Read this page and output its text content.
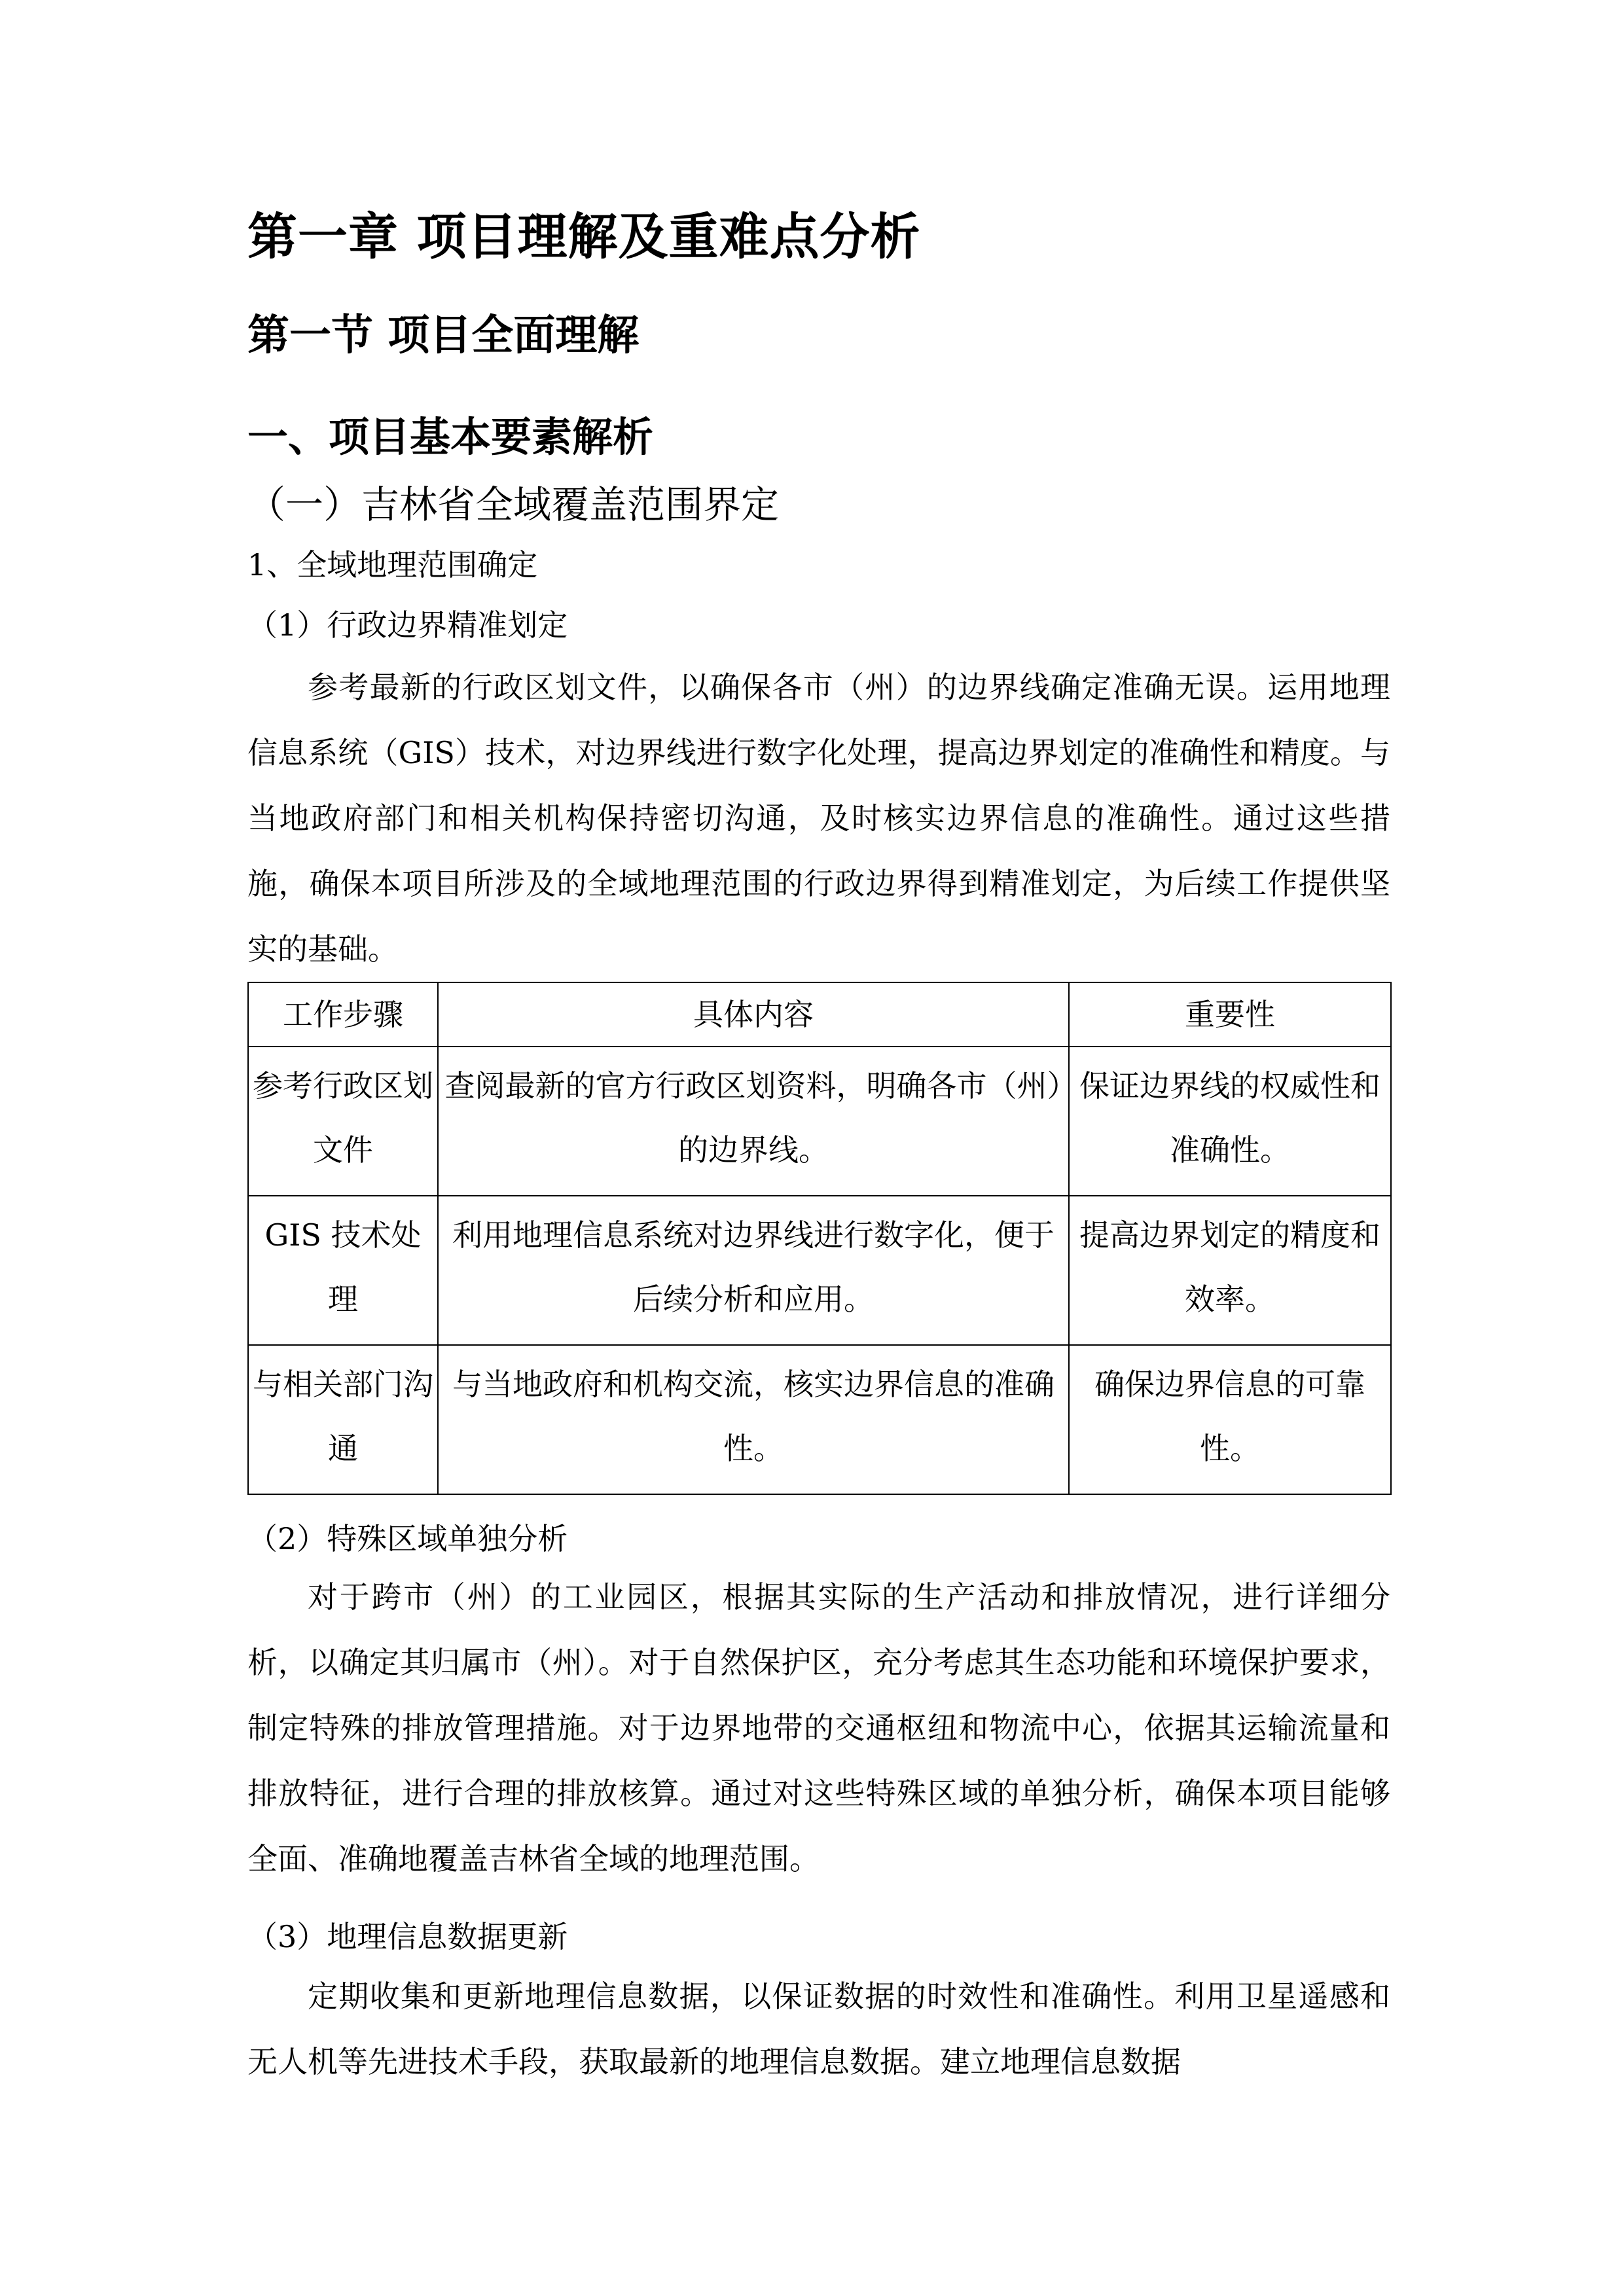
第一章 项目理解及重难点分析
第一节 项目全面理解
一、项目基本要素解析
（一）吉林省全域覆盖范围界定
1、全域地理范围确定
（1）行政边界精准划定
参考最新的行政区划文件，以确保各市（州）的边界线确定准确无误。运用地理信息系统（GIS）技术，对边界线进行数字化处理，提高边界划定的准确性和精度。与当地政府部门和相关机构保持密切沟通，及时核实边界信息的准确性。通过这些措施，确保本项目所涉及的全域地理范围的行政边界得到精准划定，为后续工作提供坚实的基础。
工作步骤	具体内容	重要性
参考行政区划文件	查阅最新的官方行政区划资料，明确各市（州）的边界线。	保证边界线的权威性和准确性。
GIS 技术处理	利用地理信息系统对边界线进行数字化，便于后续分析和应用。	提高边界划定的精度和效率。
与相关部门沟通	与当地政府和机构交流，核实边界信息的准确性。	确保边界信息的可靠性。
（2）特殊区域单独分析
对于跨市（州）的工业园区，根据其实际的生产活动和排放情况，进行详细分析，以确定其归属市（州）。对于自然保护区，充分考虑其生态功能和环境保护要求，制定特殊的排放管理措施。对于边界地带的交通枢纽和物流中心，依据其运输流量和排放特征，进行合理的排放核算。通过对这些特殊区域的单独分析，确保本项目能够全面、准确地覆盖吉林省全域的地理范围。
（3）地理信息数据更新
定期收集和更新地理信息数据，以保证数据的时效性和准确性。利用卫星遥感和无人机等先进技术手段，获取最新的地理信息数据。建立地理信息数据
